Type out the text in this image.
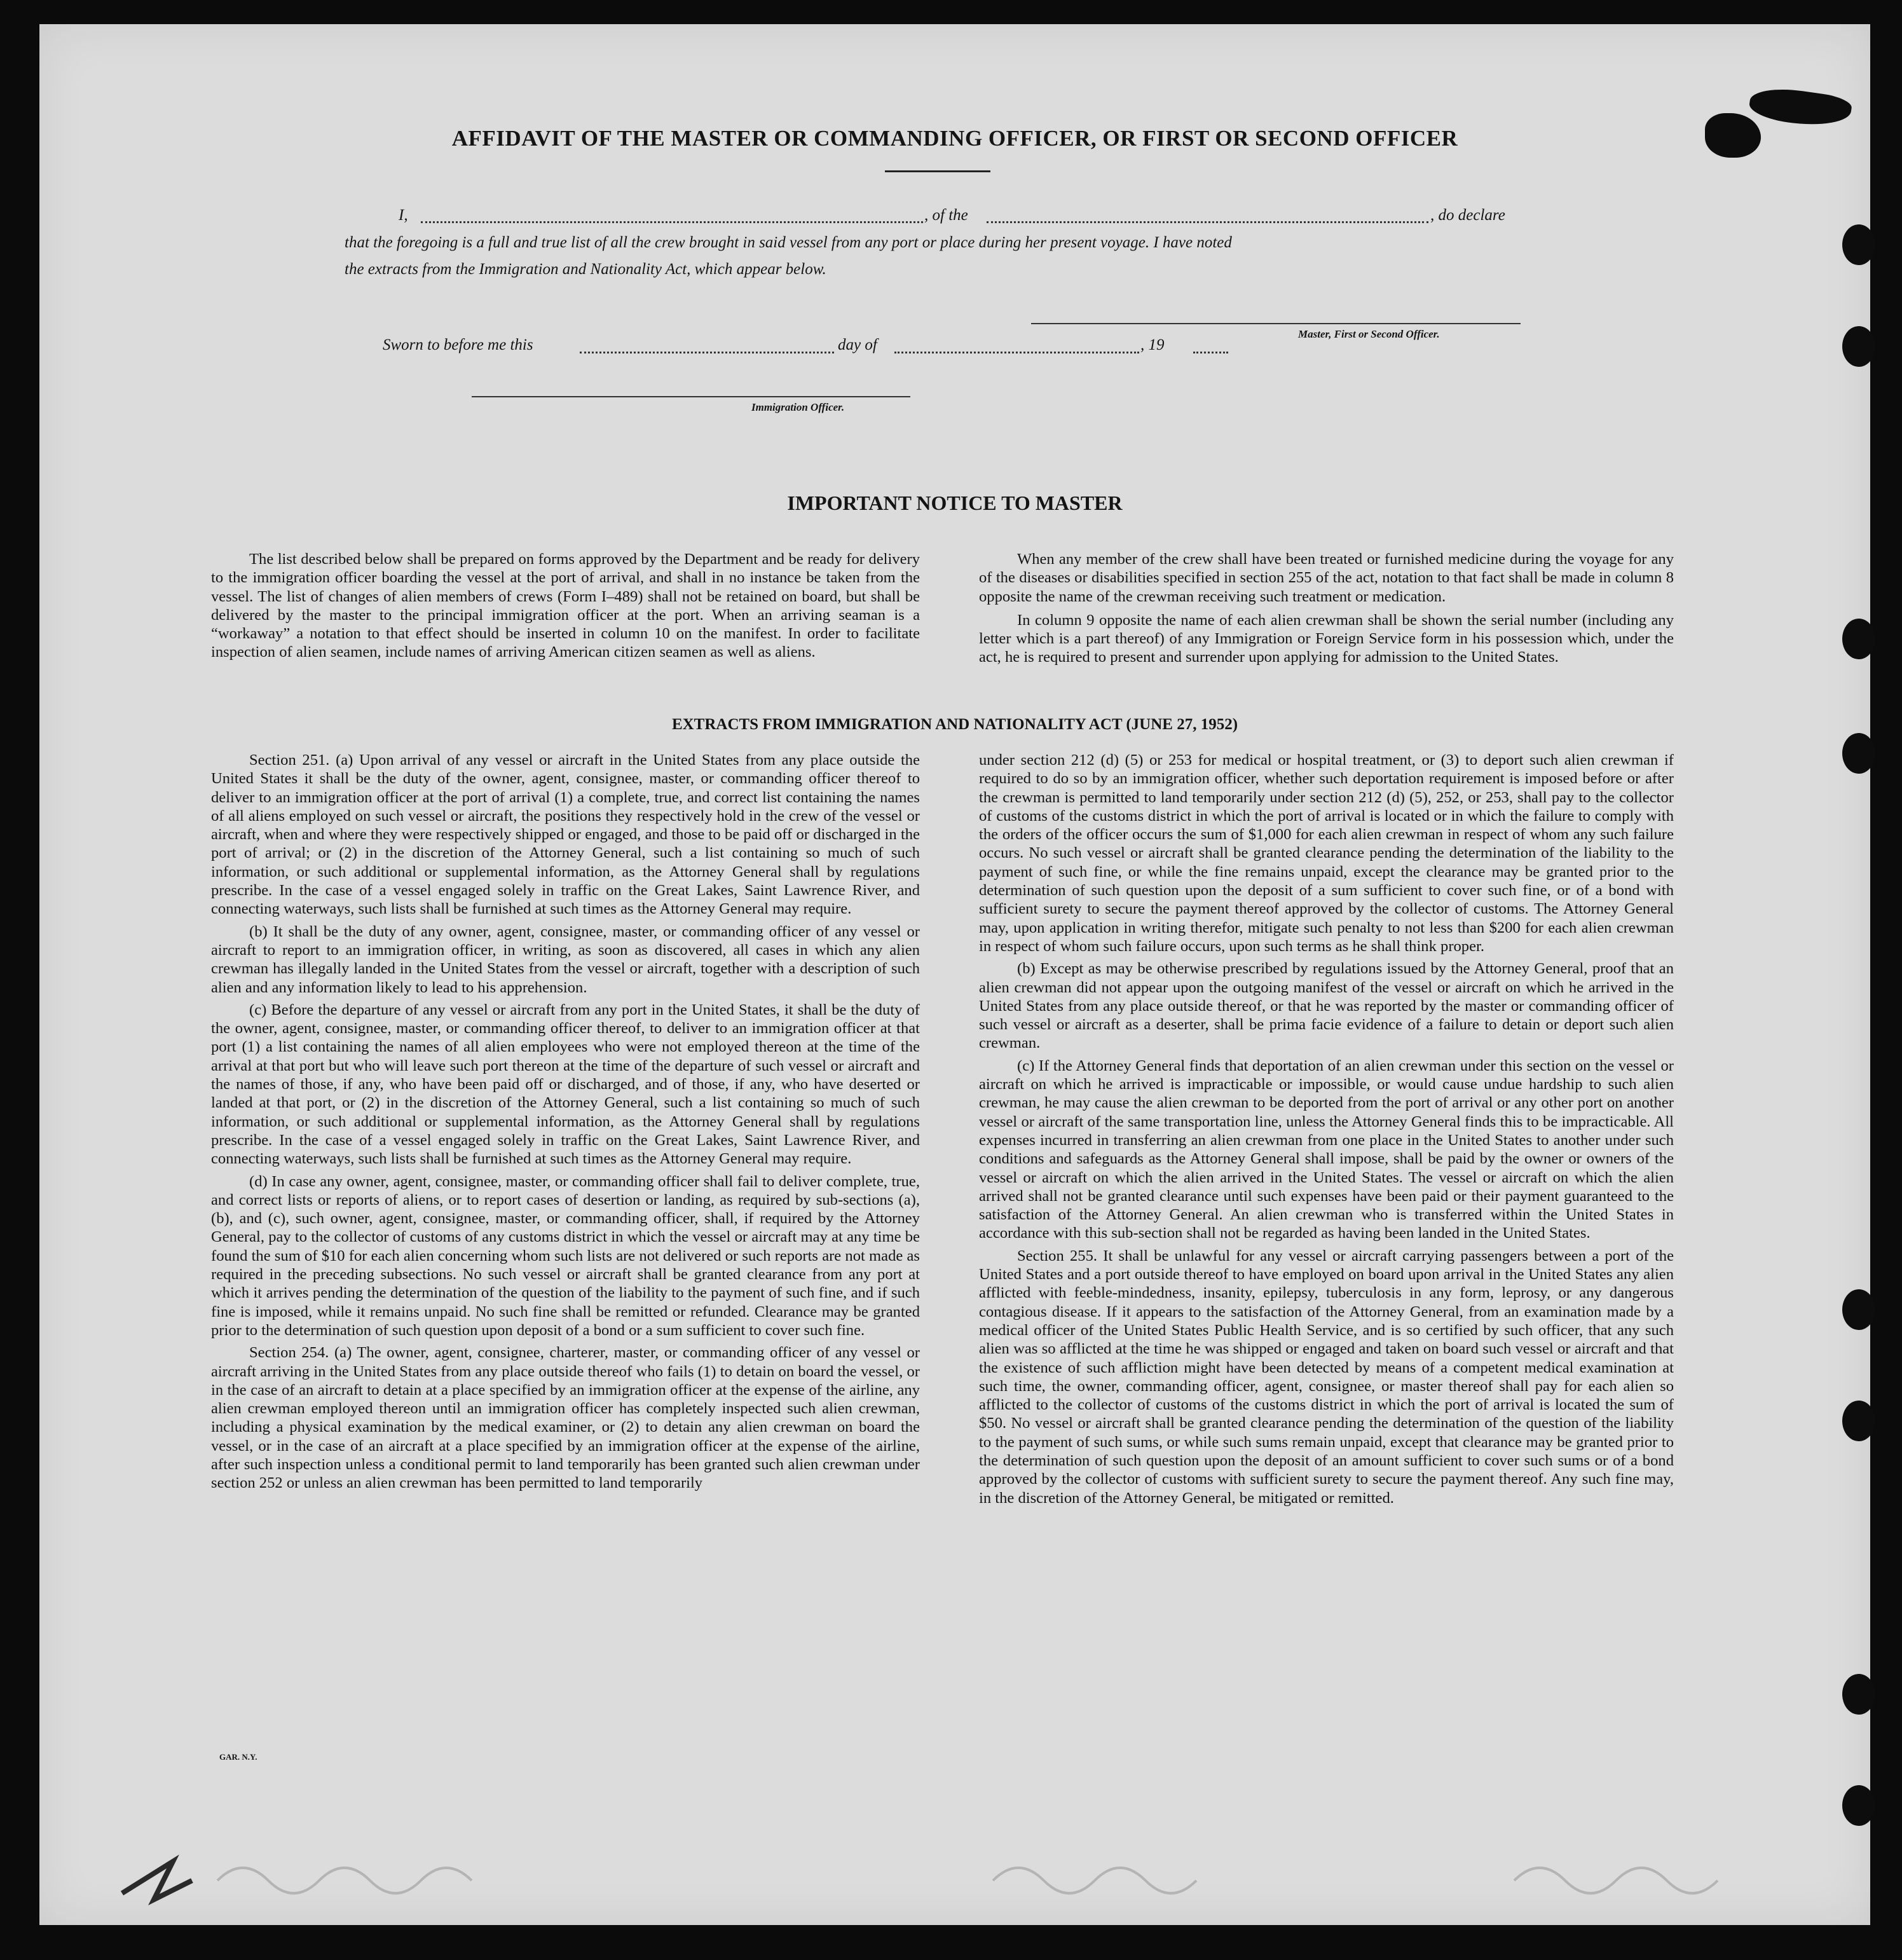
AFFIDAVIT OF THE MASTER OR COMMANDING OFFICER, OR FIRST OR SECOND OFFICER
I,	, of the	, do declare
that the foregoing is a full and true list of all the crew brought in said vessel from any port or place during her present voyage. I have noted
the extracts from the Immigration and Nationality Act, which appear below.
Master, First or Second Officer.
Sworn to before me this	day of	, 19
Immigration Officer.
IMPORTANT NOTICE TO MASTER

The list described below shall be prepared on forms approved by the Department and be ready for delivery to the immigration officer boarding the vessel at the port of arrival, and shall in no instance be taken from the vessel. The list of changes of alien members of crews (Form I–489) shall not be retained on board, but shall be delivered by the master to the principal immigration officer at the port. When an arriving seaman is a “workaway” a notation to that effect should be inserted in column 10 on the manifest. In order to facilitate inspection of alien seamen, include names of arriving American citizen seamen as well as aliens.

When any member of the crew shall have been treated or furnished medicine during the voyage for any of the diseases or disabilities specified in section 255 of the act, notation to that fact shall be made in column 8 opposite the name of the crewman receiving such treatment or medication.

In column 9 opposite the name of each alien crewman shall be shown the serial number (including any letter which is a part thereof) of any Immigration or Foreign Service form in his possession which, under the act, he is required to present and surrender upon applying for admission to the United States.

EXTRACTS FROM IMMIGRATION AND NATIONALITY ACT (JUNE 27, 1952)

Section 251. (a) Upon arrival of any vessel or aircraft in the United States from any place outside the United States it shall be the duty of the owner, agent, consignee, master, or commanding officer thereof to deliver to an immigration officer at the port of arrival (1) a complete, true, and correct list containing the names of all aliens employed on such vessel or aircraft, the positions they respectively hold in the crew of the vessel or aircraft, when and where they were respectively shipped or engaged, and those to be paid off or discharged in the port of arrival; or (2) in the discretion of the Attorney General, such a list containing so much of such information, or such additional or supplemental information, as the Attorney General shall by regulations prescribe. In the case of a vessel engaged solely in traffic on the Great Lakes, Saint Lawrence River, and connecting waterways, such lists shall be furnished at such times as the Attorney General may require.

(b) It shall be the duty of any owner, agent, consignee, master, or commanding officer of any vessel or aircraft to report to an immigration officer, in writing, as soon as discovered, all cases in which any alien crewman has illegally landed in the United States from the vessel or aircraft, together with a description of such alien and any information likely to lead to his apprehension.

(c) Before the departure of any vessel or aircraft from any port in the United States, it shall be the duty of the owner, agent, consignee, master, or commanding officer thereof, to deliver to an immigration officer at that port (1) a list containing the names of all alien employees who were not employed thereon at the time of the arrival at that port but who will leave such port thereon at the time of the departure of such vessel or aircraft and the names of those, if any, who have been paid off or discharged, and of those, if any, who have deserted or landed at that port, or (2) in the discretion of the Attorney General, such a list containing so much of such information, or such additional or supplemental information, as the Attorney General shall by regulations prescribe. In the case of a vessel engaged solely in traffic on the Great Lakes, Saint Lawrence River, and connecting waterways, such lists shall be furnished at such times as the Attorney General may require.

(d) In case any owner, agent, consignee, master, or commanding officer shall fail to deliver complete, true, and correct lists or reports of aliens, or to report cases of desertion or landing, as required by sub-sections (a), (b), and (c), such owner, agent, consignee, master, or commanding officer, shall, if required by the Attorney General, pay to the collector of customs of any customs district in which the vessel or aircraft may at any time be found the sum of $10 for each alien concerning whom such lists are not delivered or such reports are not made as required in the preceding subsections. No such vessel or aircraft shall be granted clearance from any port at which it arrives pending the determination of the question of the liability to the payment of such fine, and if such fine is imposed, while it remains unpaid. No such fine shall be remitted or refunded. Clearance may be granted prior to the determination of such question upon deposit of a bond or a sum sufficient to cover such fine.

Section 254. (a) The owner, agent, consignee, charterer, master, or commanding officer of any vessel or aircraft arriving in the United States from any place outside thereof who fails (1) to detain on board the vessel, or in the case of an aircraft to detain at a place specified by an immigration officer at the expense of the airline, any alien crewman employed thereon until an immigration officer has completely inspected such alien crewman, including a physical examination by the medical examiner, or (2) to detain any alien crewman on board the vessel, or in the case of an aircraft at a place specified by an immigration officer at the expense of the airline, after such inspection unless a conditional permit to land temporarily has been granted such alien crewman under section 252 or unless an alien crewman has been permitted to land temporarily

under section 212 (d) (5) or 253 for medical or hospital treatment, or (3) to deport such alien crewman if required to do so by an immigration officer, whether such deportation requirement is imposed before or after the crewman is permitted to land temporarily under section 212 (d) (5), 252, or 253, shall pay to the collector of customs of the customs district in which the port of arrival is located or in which the failure to comply with the orders of the officer occurs the sum of $1,000 for each alien crewman in respect of whom any such failure occurs. No such vessel or aircraft shall be granted clearance pending the determination of the liability to the payment of such fine, or while the fine remains unpaid, except the clearance may be granted prior to the determination of such question upon the deposit of a sum sufficient to cover such fine, or of a bond with sufficient surety to secure the payment thereof approved by the collector of customs. The Attorney General may, upon application in writing therefor, mitigate such penalty to not less than $200 for each alien crewman in respect of whom such failure occurs, upon such terms as he shall think proper.

(b) Except as may be otherwise prescribed by regulations issued by the Attorney General, proof that an alien crewman did not appear upon the outgoing manifest of the vessel or aircraft on which he arrived in the United States from any place outside thereof, or that he was reported by the master or commanding officer of such vessel or aircraft as a deserter, shall be prima facie evidence of a failure to detain or deport such alien crewman.

(c) If the Attorney General finds that deportation of an alien crewman under this section on the vessel or aircraft on which he arrived is impracticable or impossible, or would cause undue hardship to such alien crewman, he may cause the alien crewman to be deported from the port of arrival or any other port on another vessel or aircraft of the same transportation line, unless the Attorney General finds this to be impracticable. All expenses incurred in transferring an alien crewman from one place in the United States to another under such conditions and safeguards as the Attorney General shall impose, shall be paid by the owner or owners of the vessel or aircraft on which the alien arrived in the United States. The vessel or aircraft on which the alien arrived shall not be granted clearance until such expenses have been paid or their payment guaranteed to the satisfaction of the Attorney General. An alien crewman who is transferred within the United States in accordance with this sub-section shall not be regarded as having been landed in the United States.

Section 255. It shall be unlawful for any vessel or aircraft carrying passengers between a port of the United States and a port outside thereof to have employed on board upon arrival in the United States any alien afflicted with feeble-mindedness, insanity, epilepsy, tuberculosis in any form, leprosy, or any dangerous contagious disease. If it appears to the satisfaction of the Attorney General, from an examination made by a medical officer of the United States Public Health Service, and is so certified by such officer, that any such alien was so afflicted at the time he was shipped or engaged and taken on board such vessel or aircraft and that the existence of such affliction might have been detected by means of a competent medical examination at such time, the owner, commanding officer, agent, consignee, or master thereof shall pay for each alien so afflicted to the collector of customs of the customs district in which the port of arrival is located the sum of $50. No vessel or aircraft shall be granted clearance pending the determination of the question of the liability to the payment of such sums, or while such sums remain unpaid, except that clearance may be granted prior to the determination of such question upon the deposit of an amount sufficient to cover such sums or of a bond approved by the collector of customs with sufficient surety to secure the payment thereof. Any such fine may, in the discretion of the Attorney General, be mitigated or remitted.

GAR. N.Y.
